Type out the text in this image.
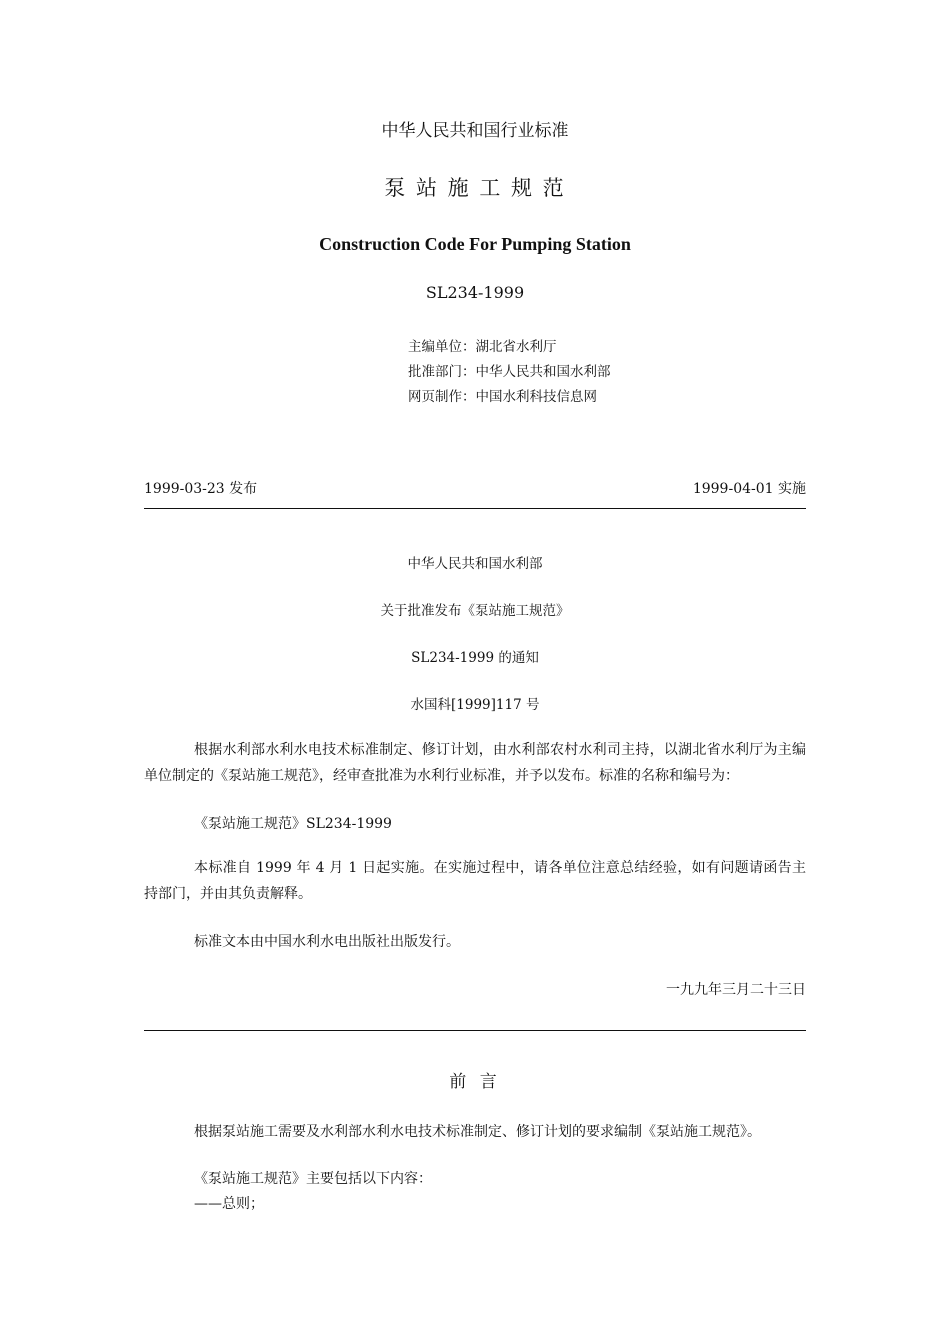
中华人民共和国行业标准
泵 站 施 工 规 范
Construction Code For Pumping Station
SL234-1999
主编单位：湖北省水利厅
批准部门：中华人民共和国水利部
网页制作：中国水利科技信息网
1999-03-23 发布	1999-04-01 实施
中华人民共和国水利部
关于批准发布《泵站施工规范》
SL234-1999 的通知
水国科[1999]117 号
根据水利部水利水电技术标准制定、修订计划，由水利部农村水利司主持，以湖北省水利厅为主编单位制定的《泵站施工规范》，经审查批准为水利行业标准，并予以发布。标准的名称和编号为：
《泵站施工规范》SL234-1999
本标准自 1999 年 4 月 1 日起实施。在实施过程中，请各单位注意总结经验，如有问题请函告主持部门，并由其负责解释。
标准文本由中国水利水电出版社出版发行。
一九九年三月二十三日
前 言
根据泵站施工需要及水利部水利水电技术标准制定、修订计划的要求编制《泵站施工规范》。
《泵站施工规范》主要包括以下内容：
——总则；
